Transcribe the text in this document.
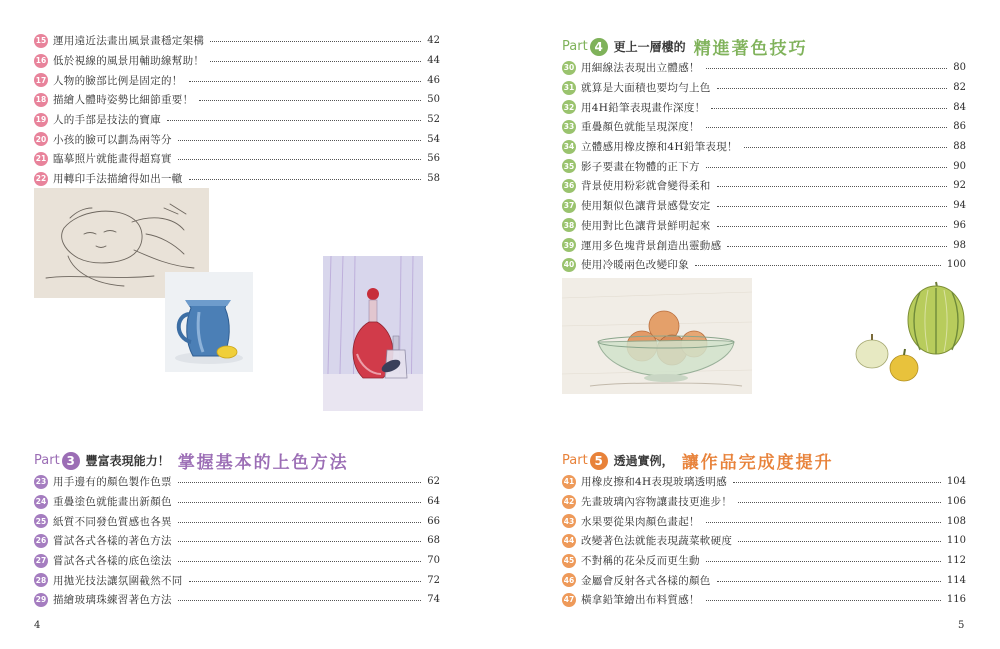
15 運用遠近法畫出風景畫穩定架構	42
16 低於視線的風景用輔助線幫助！	44
17 人物的臉部比例是固定的！	46
18 描繪人體時姿勢比細節重要！	50
19 人的手部是技法的寶庫	52
20 小孩的臉可以劃為兩等分	54
21 臨摹照片就能畫得超寫實	56
22 用轉印手法描繪得如出一轍	58
Part 3 豐富表現能力！ 掌握基本的上色方法
23 用手邊有的顏色製作色票	62
24 重疊塗色就能畫出新顏色	64
25 紙質不同發色質感也各異	66
26 嘗試各式各樣的著色方法	68
27 嘗試各式各樣的底色塗法	70
28 用拋光技法讓氛圍截然不同	72
29 描繪玻璃珠練習著色方法	74
4
Part 4 更上一層樓的 精進著色技巧
30 用細線法表現出立體感！	80
31 就算是大面積也要均勻上色	82
32 用4H鉛筆表現畫作深度！	84
33 重疊顏色就能呈現深度！	86
34 立體感用橡皮擦和4H鉛筆表現！	88
35 影子要畫在物體的正下方	90
36 背景使用粉彩就會變得柔和	92
37 使用類似色讓背景感覺安定	94
38 使用對比色讓背景鮮明起來	96
39 運用多色塊背景創造出靈動感	98
40 使用冷暖兩色改變印象	100
Part 5 透過實例， 讓作品完成度提升
41 用橡皮擦和4H表現玻璃透明感	104
42 先畫玻璃內容物讓畫技更進步！	106
43 水果要從果肉顏色畫起！	108
44 改變著色法就能表現蔬菜軟硬度	110
45 不對稱的花朵反而更生動	112
46 金屬會反射各式各樣的顏色	114
47 橫拿鉛筆繪出布料質感！	116
5
